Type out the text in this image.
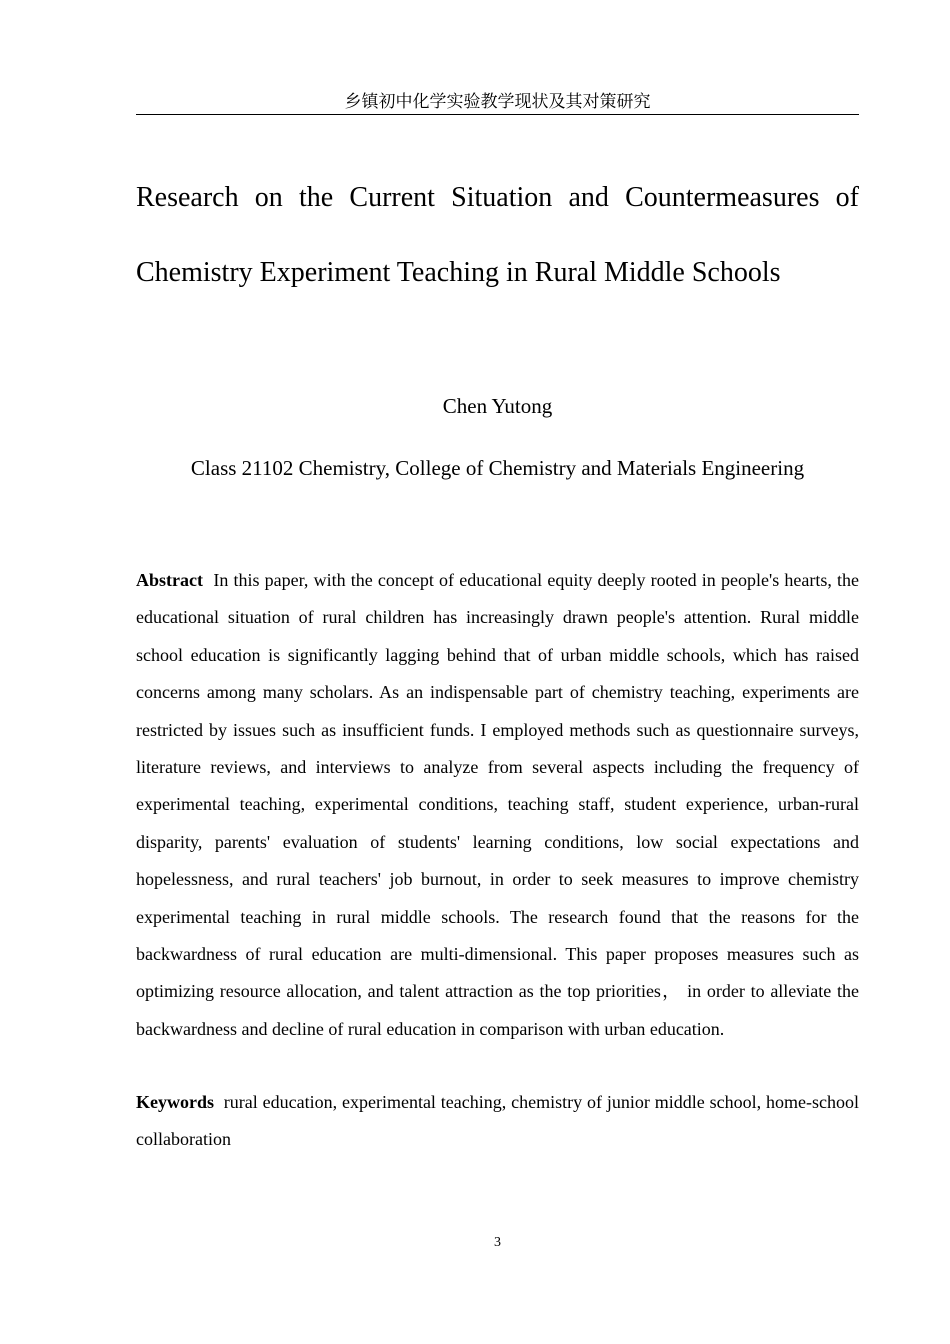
乡镇初中化学实验教学现状及其对策研究
Research on the Current Situation and Countermeasures of
Chemistry Experiment Teaching in Rural Middle Schools
Chen Yutong
Class 21102 Chemistry, College of Chemistry and Materials Engineering

Abstract In this paper, with the concept of educational equity deeply rooted in people's hearts, the educational situation of rural children has increasingly drawn people's attention. Rural middle school education is significantly lagging behind that of urban middle schools, which has raised concerns among many scholars. As an indispensable part of chemistry teaching, experiments are restricted by issues such as insufficient funds. I employed methods such as questionnaire surveys, literature reviews, and interviews to analyze from several aspects including the frequency of experimental teaching, experimental conditions, teaching staff, student experience, urban-rural disparity, parents' evaluation of students' learning conditions, low social expectations and hopelessness, and rural teachers' job burnout, in order to seek measures to improve chemistry experimental teaching in rural middle schools. The research found that the reasons for the backwardness of rural education are multi-dimensional. This paper proposes measures such as optimizing resource allocation, and talent attraction as the top priorities， in order to alleviate the backwardness and decline of rural education in comparison with urban education.

Keywords rural education, experimental teaching, chemistry of junior middle school, home-school collaboration

3
